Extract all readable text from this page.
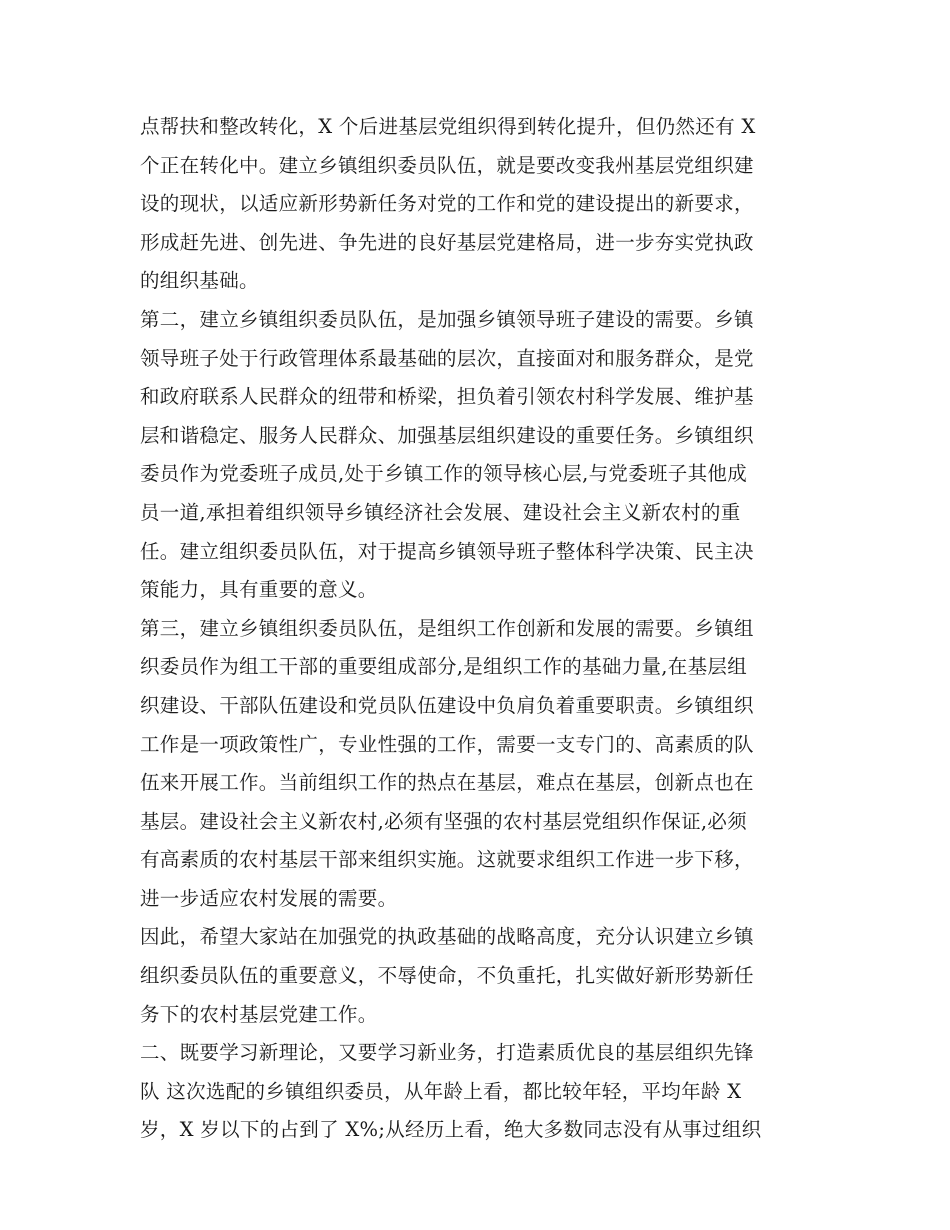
点帮扶和整改转化，X 个后进基层党组织得到转化提升，但仍然还有 X
个正在转化中。建立乡镇组织委员队伍，就是要改变我州基层党组织建
设的现状，以适应新形势新任务对党的工作和党的建设提出的新要求，
形成赶先进、创先进、争先进的良好基层党建格局，进一步夯实党执政
的组织基础。
第二，建立乡镇组织委员队伍，是加强乡镇领导班子建设的需要。乡镇
领导班子处于行政管理体系最基础的层次，直接面对和服务群众，是党
和政府联系人民群众的纽带和桥梁，担负着引领农村科学发展、维护基
层和谐稳定、服务人民群众、加强基层组织建设的重要任务。乡镇组织
委员作为党委班子成员,处于乡镇工作的领导核心层,与党委班子其他成
员一道,承担着组织领导乡镇经济社会发展、建设社会主义新农村的重
任。建立组织委员队伍，对于提高乡镇领导班子整体科学决策、民主决
策能力，具有重要的意义。
第三，建立乡镇组织委员队伍，是组织工作创新和发展的需要。乡镇组
织委员作为组工干部的重要组成部分,是组织工作的基础力量,在基层组
织建设、干部队伍建设和党员队伍建设中负肩负着重要职责。乡镇组织
工作是一项政策性广，专业性强的工作，需要一支专门的、高素质的队
伍来开展工作。当前组织工作的热点在基层，难点在基层，创新点也在
基层。建设社会主义新农村,必须有坚强的农村基层党组织作保证,必须
有高素质的农村基层干部来组织实施。这就要求组织工作进一步下移，
进一步适应农村发展的需要。
因此，希望大家站在加强党的执政基础的战略高度，充分认识建立乡镇
组织委员队伍的重要意义，不辱使命，不负重托，扎实做好新形势新任
务下的农村基层党建工作。
二、既要学习新理论，又要学习新业务，打造素质优良的基层组织先锋
队 这次选配的乡镇组织委员，从年龄上看，都比较年轻，平均年龄 X
岁，X 岁以下的占到了 X%;从经历上看，绝大多数同志没有从事过组织
